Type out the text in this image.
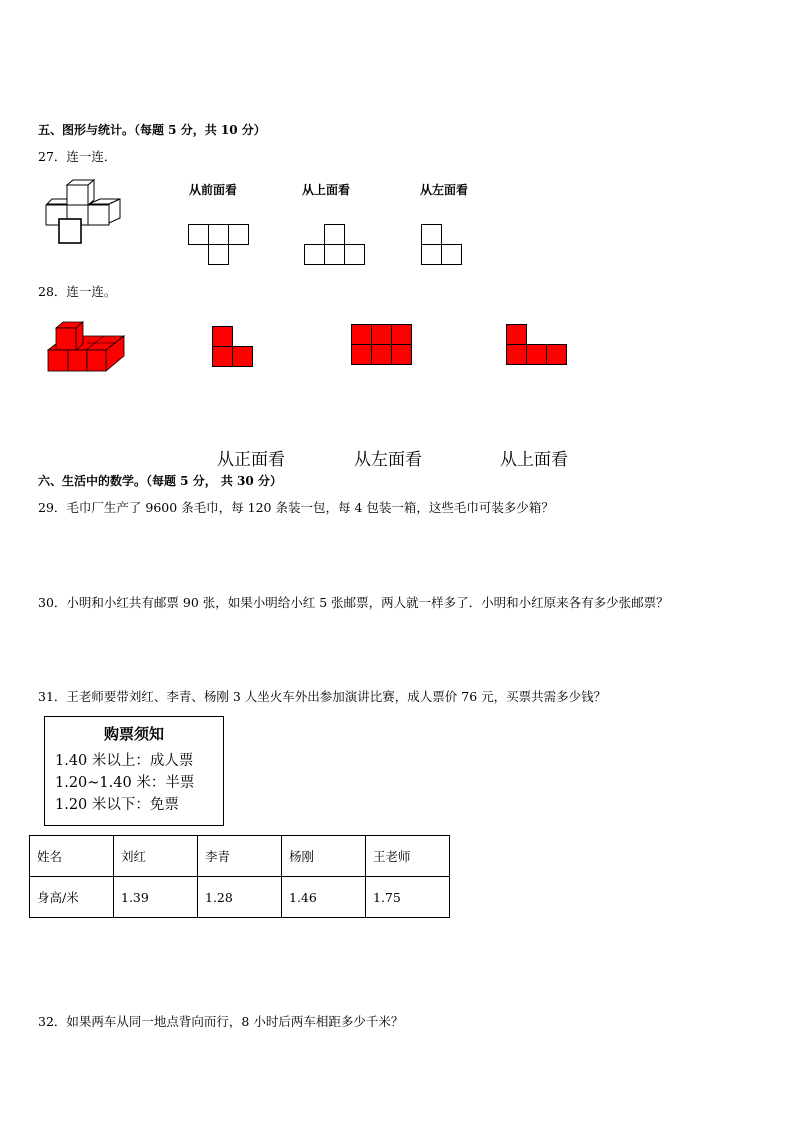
五、图形与统计。（每题 5 分，共 10 分）
27．连一连．
从前面看	从上面看	从左面看
28．连一连。
从正面看	从左面看	从上面看
六、生活中的数学。（每题 5 分， 共 30 分）
29．毛巾厂生产了 9600 条毛巾，每 120 条装一包，每 4 包装一箱，这些毛巾可装多少箱？
30．小明和小红共有邮票 90 张，如果小明给小红 5 张邮票，两人就一样多了．小明和小红原来各有多少张邮票？
31．王老师要带刘红、李青、杨刚 3 人坐火车外出参加演讲比赛，成人票价 76 元，买票共需多少钱？
购票须知
1.40 米以上：成人票
1.20~1.40 米：半票
1.20 米以下：免票
姓名	刘红	李青	杨刚	王老师
身高/米	1.39	1.28	1.46	1.75
32．如果两车从同一地点背向而行，8 小时后两车相距多少千米？
